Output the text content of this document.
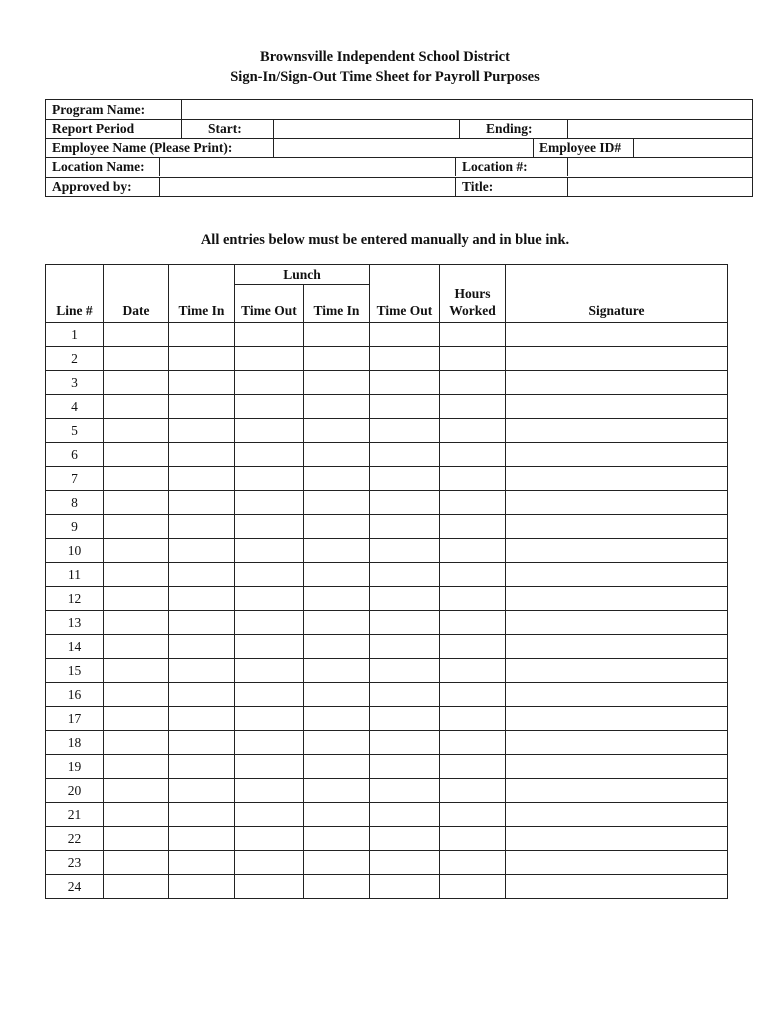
Brownsville Independent School District
Sign-In/Sign-Out Time Sheet for Payroll Purposes
Program Name:
Report Period	Start:	Ending:
Employee Name (Please Print):	Employee ID#
Location Name:	Location #:
Approved by:	Title:
All entries below must be entered manually and in blue ink.
			Lunch				
Line #	Date	Time In	Time Out	Time In	Time Out	Hours
Worked	Signature
1							
2							
3							
4							
5							
6							
7							
8							
9							
10							
11							
12							
13							
14							
15							
16							
17							
18							
19							
20							
21							
22							
23							
24							
